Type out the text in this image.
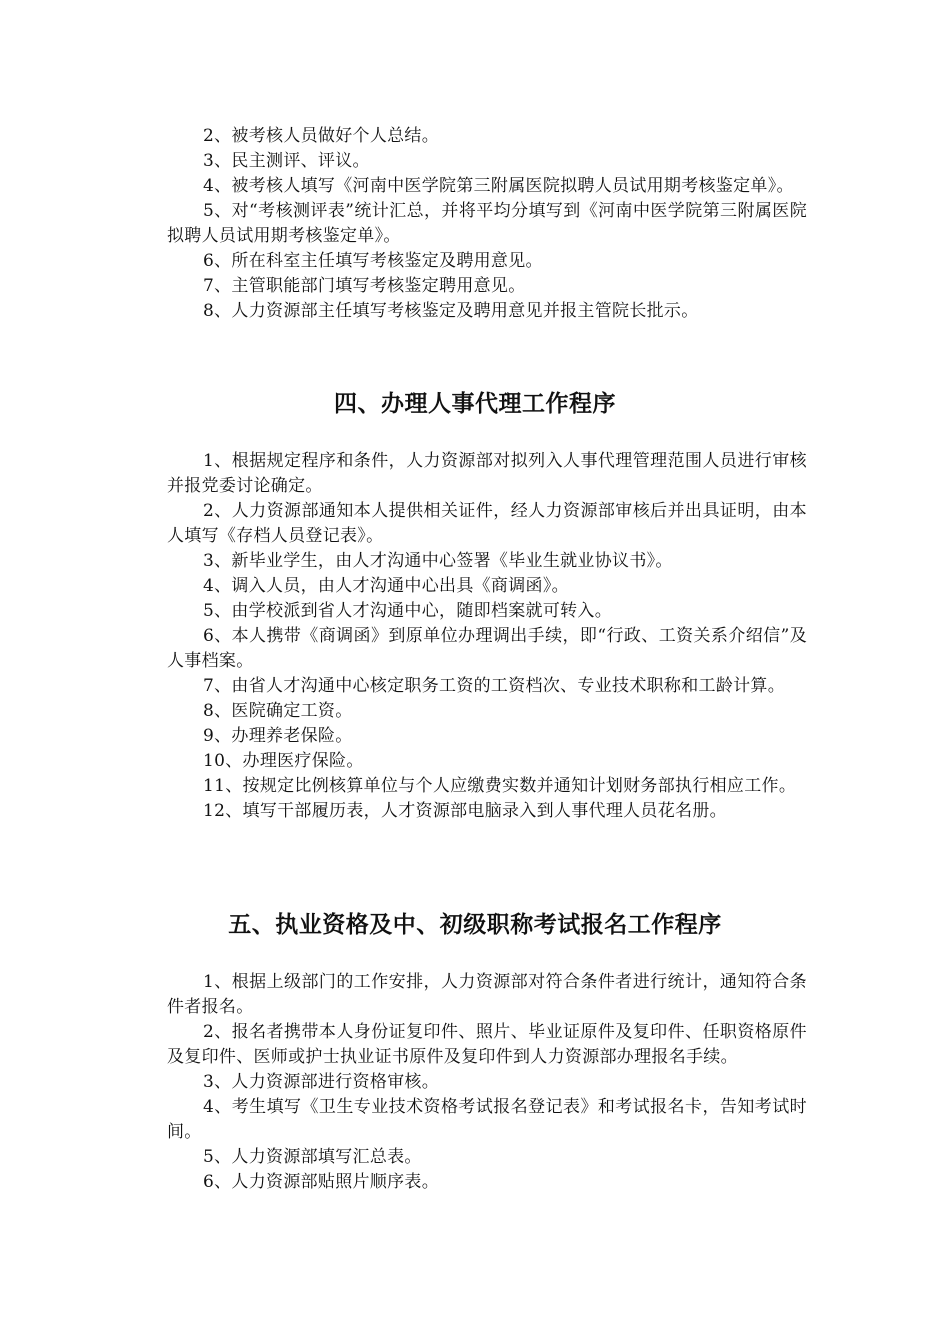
2、被考核人员做好个人总结。

3、民主测评、评议。

4、被考核人填写《河南中医学院第三附属医院拟聘人员试用期考核鉴定单》。

5、对“考核测评表”统计汇总，并将平均分填写到《河南中医学院第三附属医院拟聘人员试用期考核鉴定单》。

6、所在科室主任填写考核鉴定及聘用意见。

7、主管职能部门填写考核鉴定聘用意见。

8、人力资源部主任填写考核鉴定及聘用意见并报主管院长批示。

四、办理人事代理工作程序

1、根据规定程序和条件，人力资源部对拟列入人事代理管理范围人员进行审核并报党委讨论确定。

2、人力资源部通知本人提供相关证件，经人力资源部审核后并出具证明，由本人填写《存档人员登记表》。

3、新毕业学生，由人才沟通中心签署《毕业生就业协议书》。

4、调入人员，由人才沟通中心出具《商调函》。

5、由学校派到省人才沟通中心，随即档案就可转入。

6、本人携带《商调函》到原单位办理调出手续，即“行政、工资关系介绍信”及人事档案。

7、由省人才沟通中心核定职务工资的工资档次、专业技术职称和工龄计算。

8、医院确定工资。

9、办理养老保险。

10、办理医疗保险。

11、按规定比例核算单位与个人应缴费实数并通知计划财务部执行相应工作。

12、填写干部履历表，人才资源部电脑录入到人事代理人员花名册。

五、执业资格及中、初级职称考试报名工作程序

1、根据上级部门的工作安排，人力资源部对符合条件者进行统计，通知符合条件者报名。

2、报名者携带本人身份证复印件、照片、毕业证原件及复印件、任职资格原件及复印件、医师或护士执业证书原件及复印件到人力资源部办理报名手续。

3、人力资源部进行资格审核。

4、考生填写《卫生专业技术资格考试报名登记表》和考试报名卡，告知考试时间。

5、人力资源部填写汇总表。

6、人力资源部贴照片顺序表。
